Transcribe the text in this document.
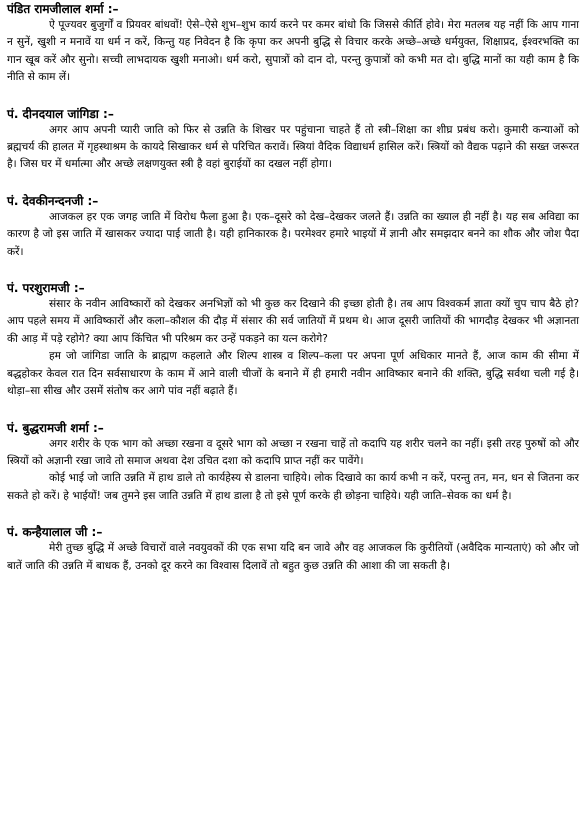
पंडित रामजीलाल शर्मा :–

ऐ पूज्यवर बुजुर्गों व प्रियवर बांधवों! ऐसे–ऐसे शुभ–शुभ कार्य करने पर कमर बांधो कि जिससे कीर्ति होवे। मेरा मतलब यह नहीं कि आप गाना न सुनें, खुशी न मनावें या धर्म न करें, किन्तु यह निवेदन है कि कृपा कर अपनी बुद्धि से विचार करके अच्छे–अच्छे धर्मयुक्त, शिक्षाप्रद, ईश्वरभक्ति का गान खूब करें और सुनो। सच्ची लाभदायक खुशी मनाओ। धर्म करो, सुपात्रों को दान दो, परन्तु कुपात्रों को कभी मत दो। बुद्धि मानों का यही काम है कि नीति से काम लें।

पं. दीनदयाल जांगिडा :–

अगर आप अपनी प्यारी जाति को फिर से उन्नति के शिखर पर पहुंचाना चाहते हैं तो स्त्री–शिक्षा का शीघ्र प्रबंध करो। कुमारी कन्याओं को ब्रह्मचर्य की हालत में गृहस्थाश्रम के कायदे सिखाकर धर्म से परिचित करावें। स्त्रियां वैदिक विद्याधर्म हासिल करें। स्त्रियों को वैद्यक पढ़ाने की सख्त जरूरत है। जिस घर में धर्मात्मा और अच्छे लक्षणयुक्त स्त्री है वहां बुराईयों का दखल नहीं होगा।

पं. देवकीनन्दनजी :–

आजकल हर एक जगह जाति में विरोध फैला हुआ है। एक–दूसरे को देख–देखकर जलते हैं। उन्नति का ख्याल ही नहीं है। यह सब अविद्या का कारण है जो इस जाति में खासकर ज्यादा पाई जाती है। यही हानिकारक है। परमेश्वर हमारे भाइयों में ज्ञानी और समझदार बनने का शौक और जोश पैदा करें।

पं. परशुरामजी :–

संसार के नवीन आविष्कारों को देखकर अनभिज्ञों को भी कुछ कर दिखाने की इच्छा होती है। तब आप विश्वकर्म ज्ञाता क्यों चुप चाप बैठे हो? आप पहले समय में आविष्कारों और कला–कौशल की दौड़ में संसार की सर्व जातियों में प्रथम थे। आज दूसरी जातियों की भागदौड़ देखकर भी अज्ञानता की आड़ में पड़े रहोगे? क्या आप किंचित भी परिश्रम कर उन्हें पकड़ने का यत्न करोगे?

हम जो जांगिडा जाति के ब्राह्मण कहलाते और शिल्प शास्त्र व शिल्प–कला पर अपना पूर्ण अधिकार मानते हैं, आज काम की सीमा में बद्धहोकर केवल रात दिन सर्वसाधारण के काम में आने वाली चीजों के बनाने में ही हमारी नवीन आविष्कार बनाने की शक्ति, बुद्धि सर्वथा चली गई है। थोड़ा–सा सीख और उसमें संतोष कर आगे पांव नहीं बढ़ाते हैं।

पं. बुद्धरामजी शर्मा :–

अगर शरीर के एक भाग को अच्छा रखना व दूसरे भाग को अच्छा न रखना चाहें तो कदापि यह शरीर चलने का नहीं। इसी तरह पुरुषों को और स्त्रियों को अज्ञानी रखा जावे तो समाज अथवा देश उचित दशा को कदापि प्राप्त नहीं कर पावेंगे।

कोई भाई जो जाति उन्नति में हाथ डाले तो कार्यहेस्य से डालना चाहिये। लोक दिखावे का कार्य कभी न करें, परन्तु तन, मन, धन से जितना कर सकते हो करें। हे भाईयों! जब तुमने इस जाति उन्नति में हाथ डाला है तो इसे पूर्ण करके ही छोड़ना चाहिये। यही जाति–सेवक का धर्म है।

पं. कन्हैयालाल जी :–

मेरी तुच्छ बुद्धि में अच्छे विचारों वाले नवयुवकों की एक सभा यदि बन जावे और वह आजकल कि कुरीतियों (अवैदिक मान्यताएं) को और जो बातें जाति की उन्नति में बाधक हैं, उनको दूर करने का विश्वास दिलावें तो बहुत कुछ उन्नति की आशा की जा सकती है।
